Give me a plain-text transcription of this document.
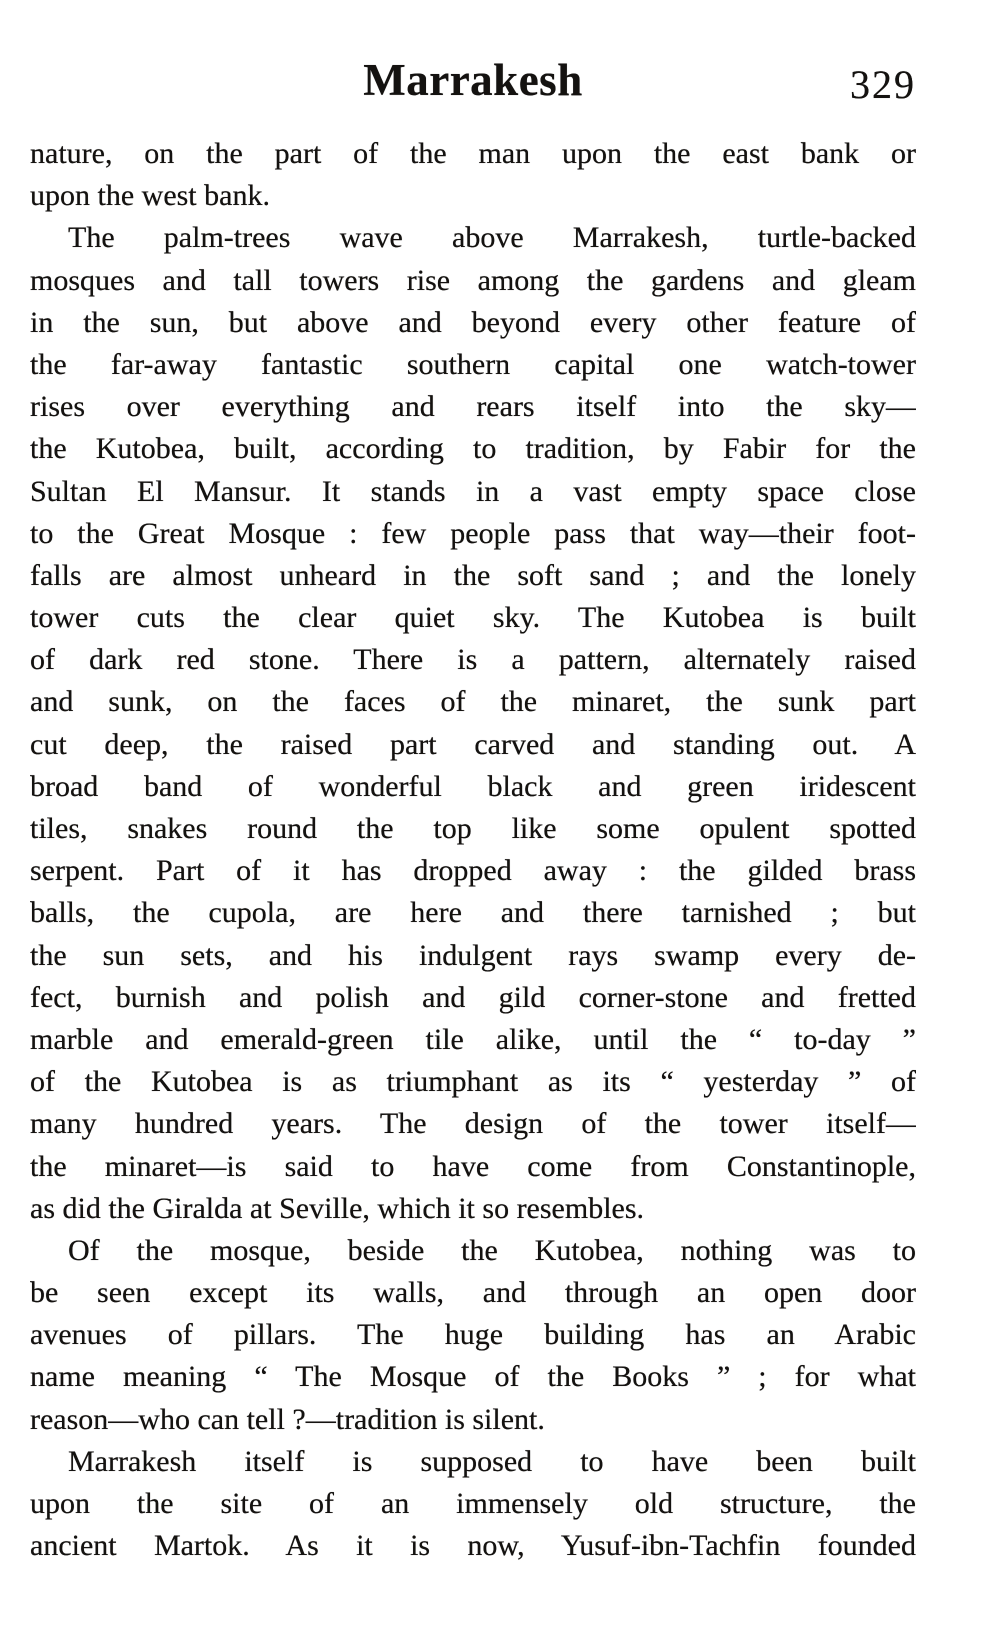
Marrakesh	329

nature, on the part of the man upon the east bank or
upon the west bank.

The palm-trees wave above Marrakesh, turtle-backed
mosques and tall towers rise among the gardens and gleam
in the sun, but above and beyond every other feature of
the far-away fantastic southern capital one watch-tower
rises over everything and rears itself into the sky—
the Kutobea, built, according to tradition, by Fabir for the
Sultan El Mansur. It stands in a vast empty space close
to the Great Mosque : few people pass that way—their foot-
falls are almost unheard in the soft sand ; and the lonely
tower cuts the clear quiet sky. The Kutobea is built
of dark red stone. There is a pattern, alternately raised
and sunk, on the faces of the minaret, the sunk part
cut deep, the raised part carved and standing out. A
broad band of wonderful black and green iridescent
tiles, snakes round the top like some opulent spotted
serpent. Part of it has dropped away : the gilded brass
balls, the cupola, are here and there tarnished ; but
the sun sets, and his indulgent rays swamp every de-
fect, burnish and polish and gild corner-stone and fretted
marble and emerald-green tile alike, until the “ to-day ”
of the Kutobea is as triumphant as its “ yesterday ” of
many hundred years. The design of the tower itself—
the minaret—is said to have come from Constantinople,
as did the Giralda at Seville, which it so resembles.

Of the mosque, beside the Kutobea, nothing was to
be seen except its walls, and through an open door
avenues of pillars. The huge building has an Arabic
name meaning “ The Mosque of the Books ” ; for what
reason—who can tell ?—tradition is silent.

Marrakesh itself is supposed to have been built
upon the site of an immensely old structure, the
ancient Martok. As it is now, Yusuf-ibn-Tachfin founded
